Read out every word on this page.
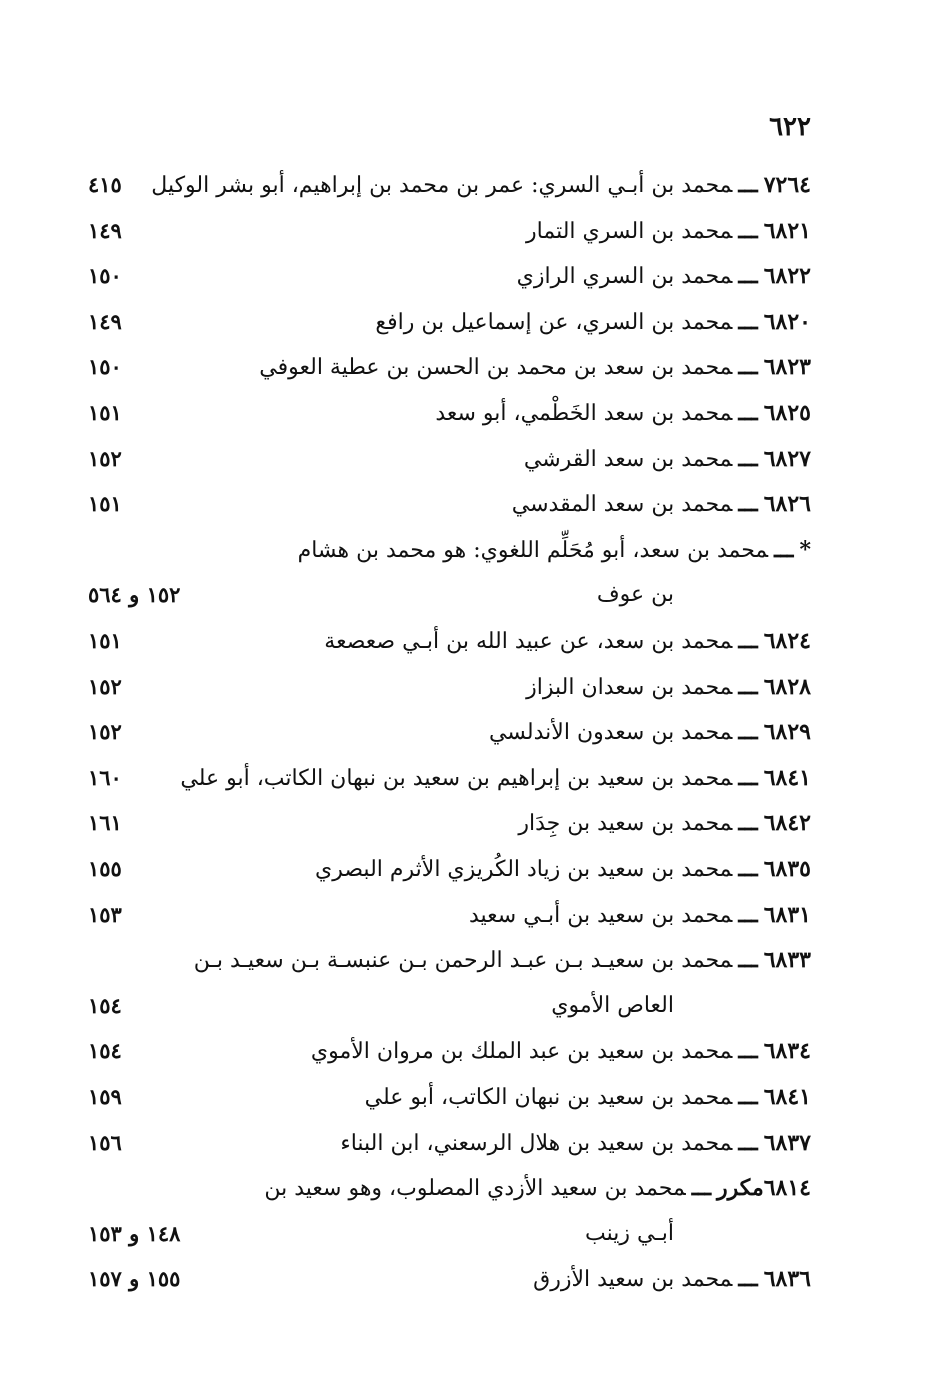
٦٢٢
٧٢٦٤ـــمحمد بن أبـي السري: عمر بن محمد بن إبراهيم، أبو بشر الوكيل
٤١٥
٦٨٢١ـــمحمد بن السري التمار
١٤٩
٦٨٢٢ـــمحمد بن السري الرازي
١٥٠
٦٨٢٠ـــمحمد بن السري، عن إسماعيل بن رافع
١٤٩
٦٨٢٣ـــمحمد بن سعد بن محمد بن الحسن بن عطية العوفي
١٥٠
٦٨٢٥ـــمحمد بن سعد الخَطْمي، أبو سعد
١٥١
٦٨٢٧ـــمحمد بن سعد القرشي
١٥٢
٦٨٢٦ـــمحمد بن سعد المقدسي
١٥١
*ـــمحمد بن سعد، أبو مُحَلِّم اللغوي: هو محمد بن هشام
بن عوف
١٥٢ و ٥٦٤
٦٨٢٤ـــمحمد بن سعد، عن عبيد الله بن أبـي صعصعة
١٥١
٦٨٢٨ـــمحمد بن سعدان البزاز
١٥٢
٦٨٢٩ـــمحمد بن سعدون الأندلسي
١٥٢
٦٨٤١ـــمحمد بن سعيد بن إبراهيم بن سعيد بن نبهان الكاتب، أبو علي
١٦٠
٦٨٤٢ـــمحمد بن سعيد بن جِدَار
١٦١
٦٨٣٥ـــمحمد بن سعيد بن زياد الكُريزي الأثرم البصري
١٥٥
٦٨٣١ـــمحمد بن سعيد بن أبـي سعيد
١٥٣
٦٨٣٣ـــمحمد بن سعيـد بـن عبـد الرحمن بـن عنبسـة بـن سعيـد بـن
العاص الأموي
١٥٤
٦٨٣٤ـــمحمد بن سعيد بن عبد الملك بن مروان الأموي
١٥٤
٦٨٤١ـــمحمد بن سعيد بن نبهان الكاتب، أبو علي
١٥٩
٦٨٣٧ـــمحمد بن سعيد بن هلال الرسعني، ابن البناء
١٥٦
٦٨١٤مكررـــمحمد بن سعيد الأزدي المصلوب، وهو سعيد بن
أبـي زينب
١٤٨ و ١٥٣
٦٨٣٦ـــمحمد بن سعيد الأزرق
١٥٥ و ١٥٧
